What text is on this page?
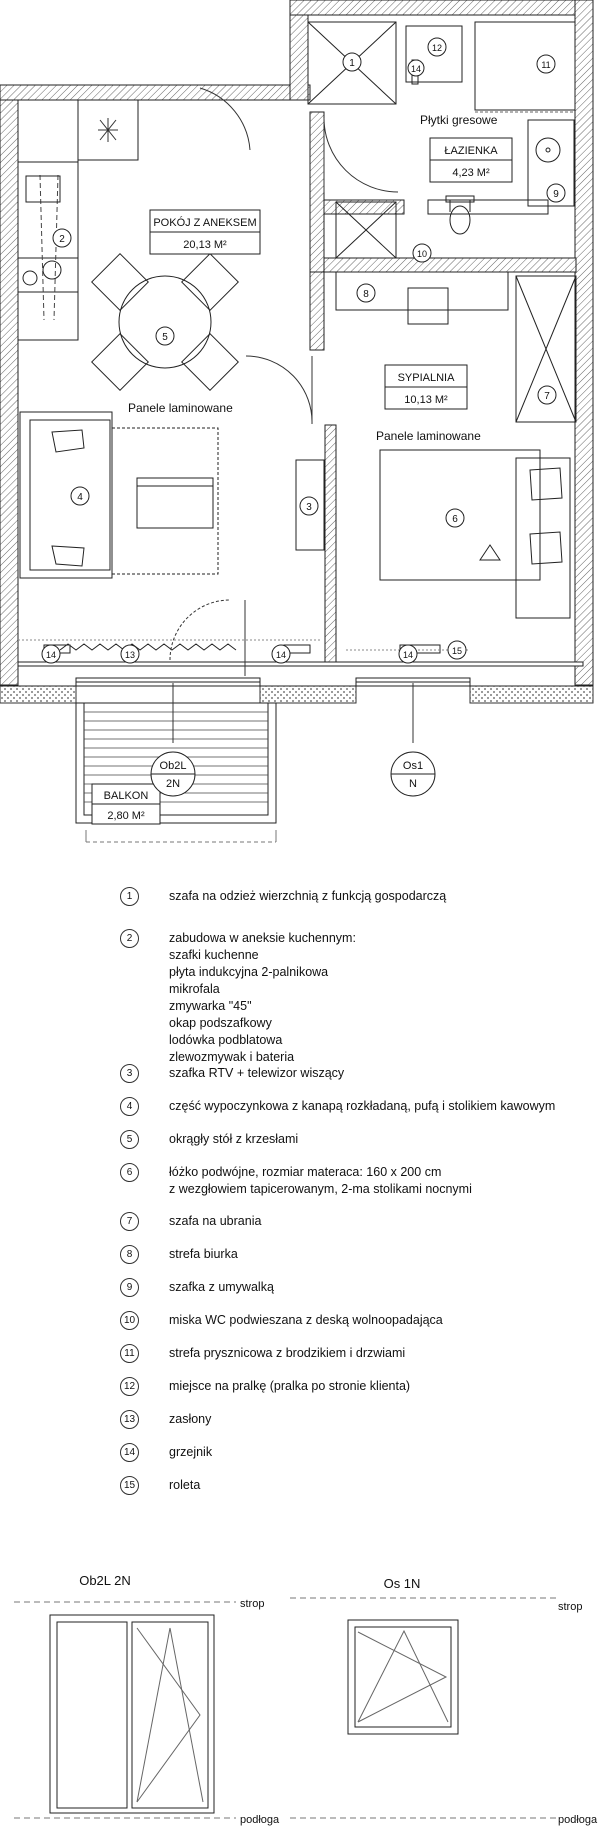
POKÓJ Z ANEKSEM
20,13 M²
ŁAZIENKA
4,23 M²
SYPIALNIA
10,13 M²
BALKON
2,80 M²
Płytki gresowe
Panele laminowane
Panele laminowane
Ob2L
2N
Os1
N
1
2
3
4
5
6
7
8
9
10
11
12
14
13
14	14	14	15
Ob2L 2N	Os 1N
strop	strop
podłoga	podłoga
1	szafa na odzież wierzchnią z funkcją gospodarczą
2	zabudowa w aneksie kuchennym:
szafki kuchenne
płyta indukcyjna 2-palnikowa
mikrofala
zmywarka "45"
okap podszafkowy
lodówka podblatowa
zlewozmywak i bateria
3	szafka RTV + telewizor wiszący
4	część wypoczynkowa z kanapą rozkładaną, pufą i stolikiem kawowym
5	okrągły stół z krzesłami
6	łóżko podwójne, rozmiar materaca: 160 x 200 cm
z wezgłowiem tapicerowanym, 2-ma stolikami nocnymi
7	szafa na ubrania
8	strefa biurka
9	szafka z umywalką
10	miska WC podwieszana z deską wolnoopadająca
11	strefa prysznicowa z brodzikiem i drzwiami
12	miejsce na pralkę (pralka po stronie klienta)
13	zasłony
14	grzejnik
15	roleta
